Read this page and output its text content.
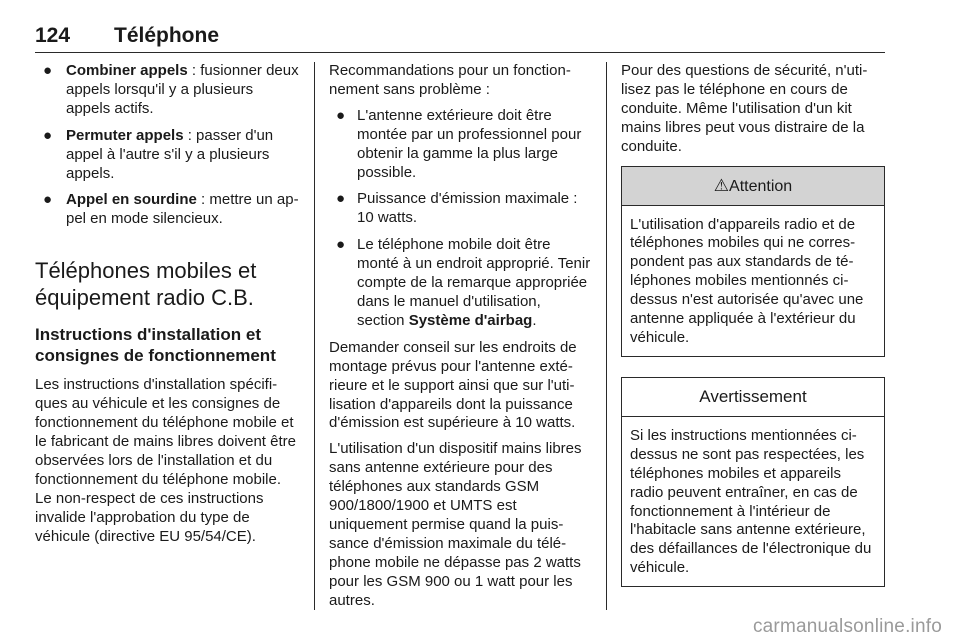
124 Téléphone
● Combiner appels : fusionner deux appels lorsqu'il y a plusieurs appels actifs.
● Permuter appels : passer d'un appel à l'autre s'il y a plusieurs appels.
● Appel en sourdine : mettre un appel en mode silencieux.
Téléphones mobiles et équipement radio C.B.
Instructions d'installation et consignes de fonctionnement

Les instructions d'installation spécifiques au véhicule et les consignes de fonctionnement du téléphone mobile et le fabricant de mains libres doivent être observées lors de l'installation et du fonctionnement du téléphone mobile. Le non-respect de ces instructions invalide l'approbation du type de véhicule (directive EU 95/54/CE).

Recommandations pour un fonctionnement sans problème :

● L'antenne extérieure doit être montée par un professionnel pour obtenir la gamme la plus large possible.
● Puissance d'émission maximale : 10 watts.
● Le téléphone mobile doit être monté à un endroit approprié. Tenir compte de la remarque appropriée dans le manuel d'utilisation, section Système d'airbag.

Demander conseil sur les endroits de montage prévus pour l'antenne extérieure et le support ainsi que sur l'utilisation d'appareils dont la puissance d'émission est supérieure à 10 watts.

L'utilisation d'un dispositif mains libres sans antenne extérieure pour des téléphones aux standards GSM 900/1800/1900 et UMTS est uniquement permise quand la puissance d'émission maximale du téléphone mobile ne dépasse pas 2 watts pour les GSM 900 ou 1 watt pour les autres.

Pour des questions de sécurité, n'utilisez pas le téléphone en cours de conduite. Même l'utilisation d'un kit mains libres peut vous distraire de la conduite.

⚠Attention
L'utilisation d'appareils radio et de téléphones mobiles qui ne correspondent pas aux standards de téléphones mobiles mentionnés ci-dessus n'est autorisée qu'avec une antenne appliquée à l'extérieur du véhicule.
Avertissement
Si les instructions mentionnées ci-dessus ne sont pas respectées, les téléphones mobiles et appareils radio peuvent entraîner, en cas de fonctionnement à l'intérieur de l'habitacle sans antenne extérieure, des défaillances de l'électronique du véhicule.
carmanualsonline.info
